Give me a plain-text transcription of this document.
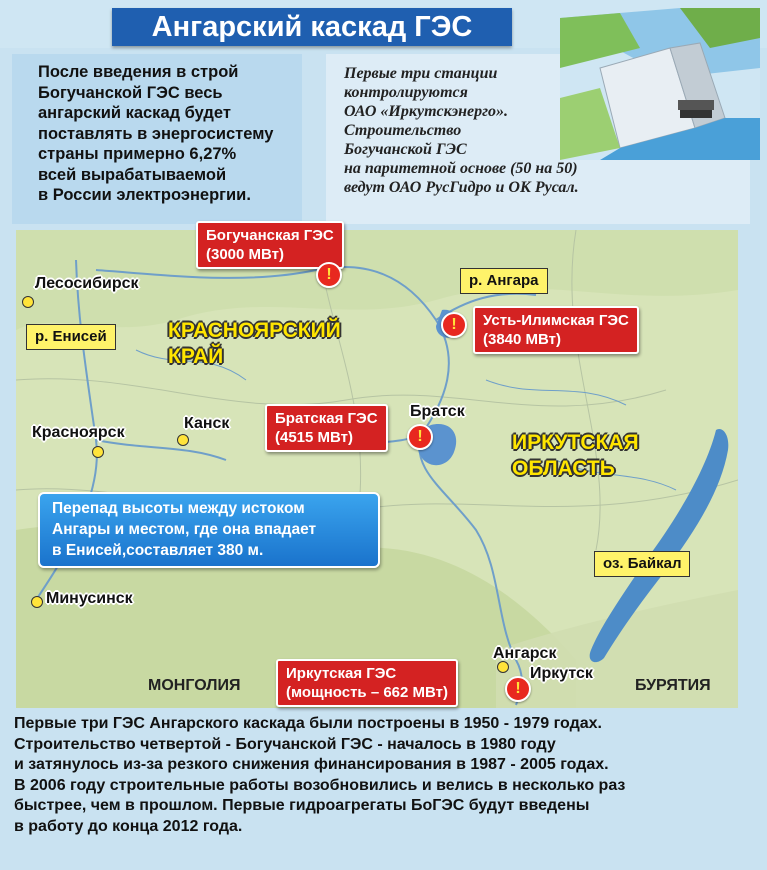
Ангарский каскад ГЭС
После введения в строй
Богучанской ГЭС весь
ангарский каскад будет
поставлять в энергосистему
страны примерно 6,27%
всей вырабатываемой
в России электроэнергии.
Первые три станции
контролируются
ОАО «Иркутскэнерго».
Строительство
Богучанской ГЭС
на паритетной основе (50 на 50)
ведут ОАО РусГидро и ОК Русал.
КРАСНОЯРСКИЙ
КРАЙ
ИРКУТСКАЯ
ОБЛАСТЬ
МОНГОЛИЯ	БУРЯТИЯ
р. Енисей
р. Ангара
оз. Байкал
Лесосибирск
Красноярск
Канск
Братск
Минусинск
Ангарск
Иркутск
Богучанская ГЭС
(3000 МВт)
!
Усть-Илимская ГЭС
(3840 МВт)
!
Братская ГЭС
(4515 МВт)	!
Иркутская ГЭС
(мощность – 662 МВт)	!
Перепад высоты между истоком
Ангары и местом, где она впадает
в Енисей,составляет 380 м.
Первые три ГЭС Ангарского каскада были построены в 1950 - 1979 годах.
Строительство четвертой - Богучанской ГЭС - началось в 1980 году
и затянулось из-за резкого снижения финансирования в 1987 - 2005 годах.
В 2006 году строительные работы возобновились и велись в несколько раз
быстрее, чем в прошлом. Первые гидроагрегаты БоГЭС будут введены
в работу до конца 2012 года.
